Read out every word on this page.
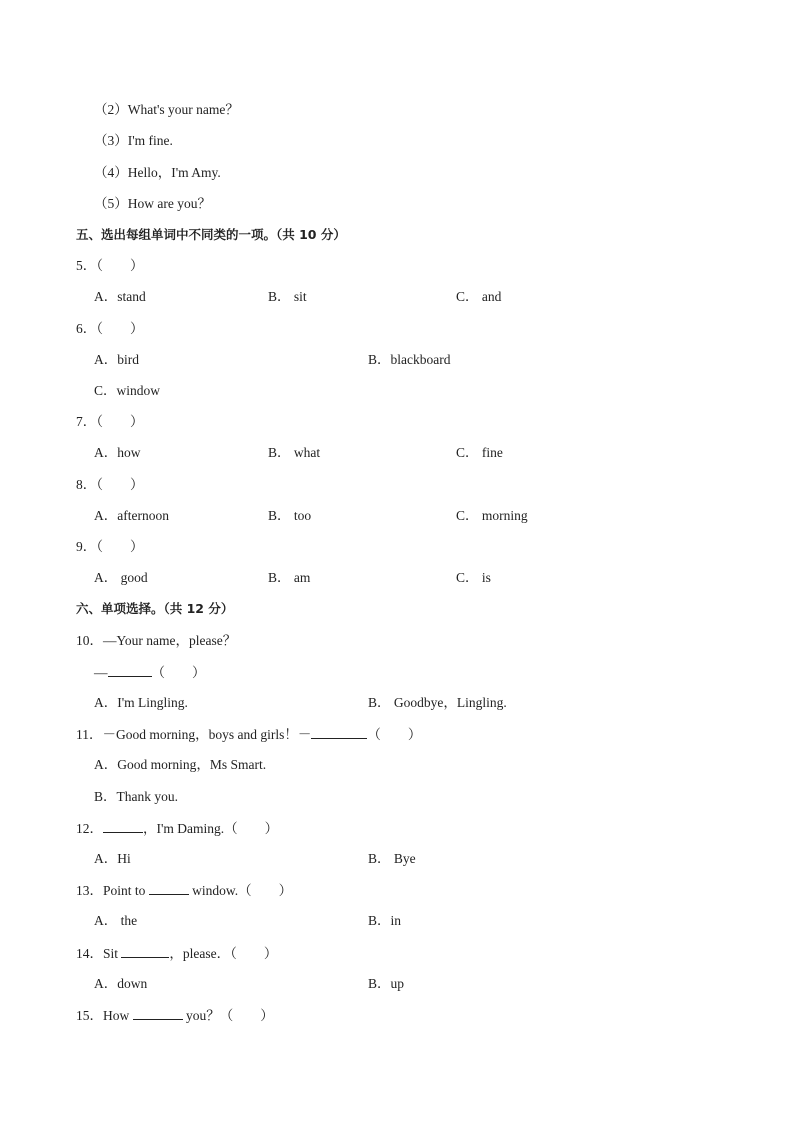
（2）What's your name？
（3）I'm fine.
（4）Hello，I'm Amy.
（5）How are you？
五、选出每组单词中不同类的一项。（共 10 分）
5．（　　）
A．stand	B． sit	C． and
6．（　　）
A．bird	B．blackboard
C．window
7．（　　）
A．how	B． what	C． fine
8．（　　）
A．afternoon	B． too	C． morning
9．（　　）
A． good	B． am	C． is
六、单项选择。（共 12 分）
10．—Your name，please？
—	（　　）
A．I'm Lingling.	B． Goodbye，Lingling.
11．－Good morning，boys and girls！－	（　　）
A．Good morning，Ms Smart.
B．Thank you.
12．	，I'm Daming.（　　）
A．Hi	B． Bye
13．Point to	window.（　　）
A． the	B．in
14．Sit	，please．（　　）
A．down	B．up
15．How	you？（　　）
